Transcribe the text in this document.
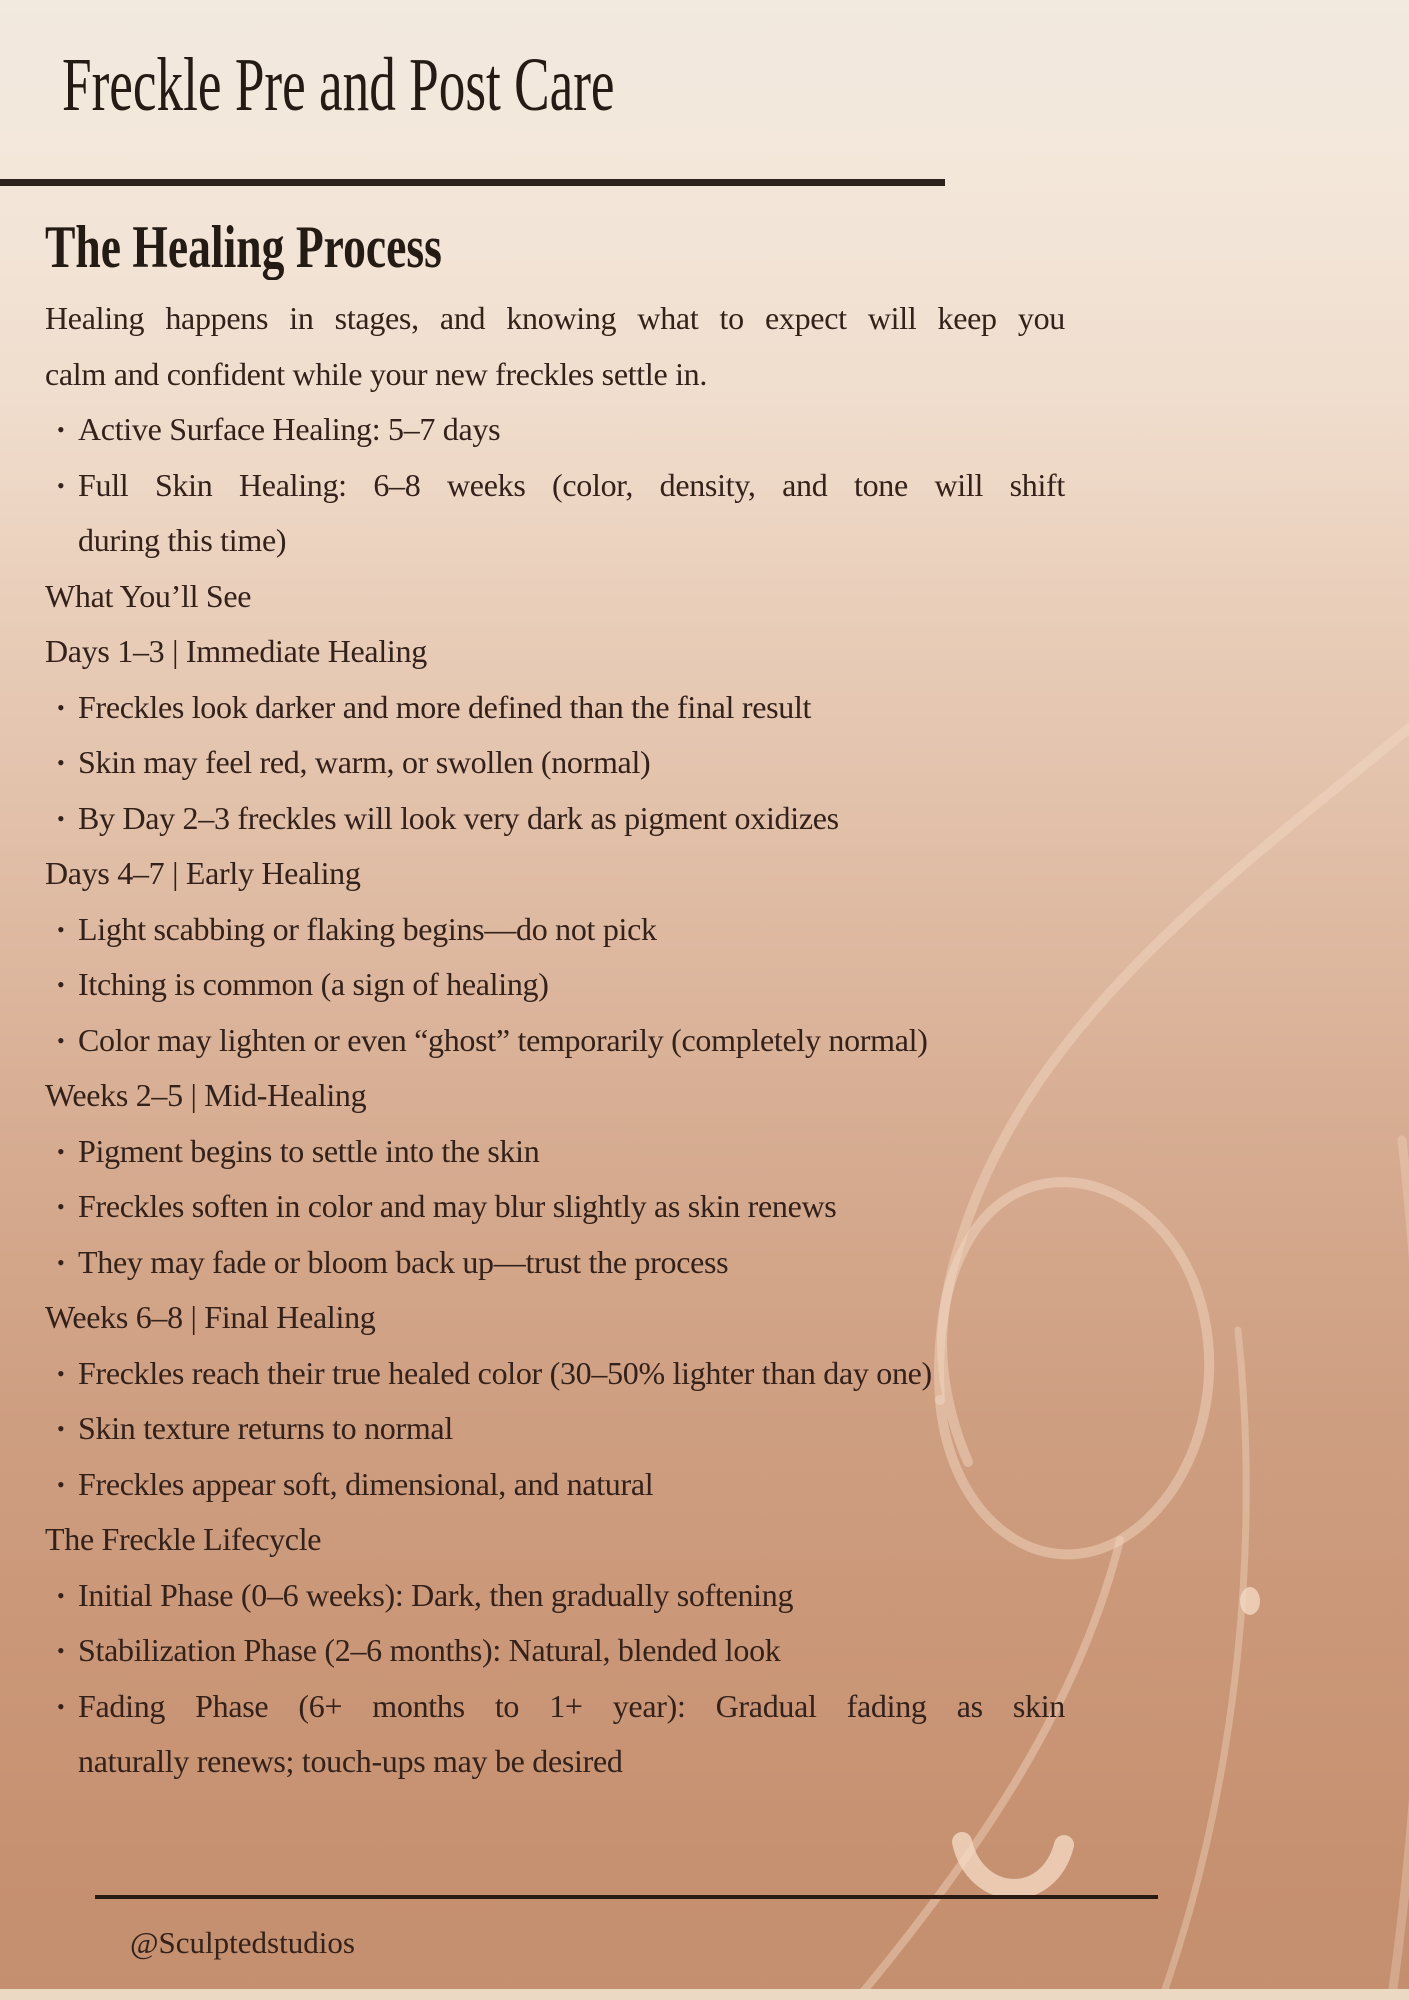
Freckle Pre and Post Care
The Healing Process
Healing happens in stages, and knowing what to expect will keep you
calm and confident while your new freckles settle in.
• Active Surface Healing: 5–7 days
• Full Skin Healing: 6–8 weeks (color, density, and tone will shift
during this time)
What You’ll See
Days 1–3 | Immediate Healing
• Freckles look darker and more defined than the final result
• Skin may feel red, warm, or swollen (normal)
• By Day 2–3 freckles will look very dark as pigment oxidizes
Days 4–7 | Early Healing
• Light scabbing or flaking begins—do not pick
• Itching is common (a sign of healing)
• Color may lighten or even “ghost” temporarily (completely normal)
Weeks 2–5 | Mid-Healing
• Pigment begins to settle into the skin
• Freckles soften in color and may blur slightly as skin renews
• They may fade or bloom back up—trust the process
Weeks 6–8 | Final Healing
• Freckles reach their true healed color (30–50% lighter than day one)
• Skin texture returns to normal
• Freckles appear soft, dimensional, and natural
The Freckle Lifecycle
• Initial Phase (0–6 weeks): Dark, then gradually softening
• Stabilization Phase (2–6 months): Natural, blended look
• Fading Phase (6+ months to 1+ year): Gradual fading as skin
naturally renews; touch-ups may be desired
@Sculptedstudios
